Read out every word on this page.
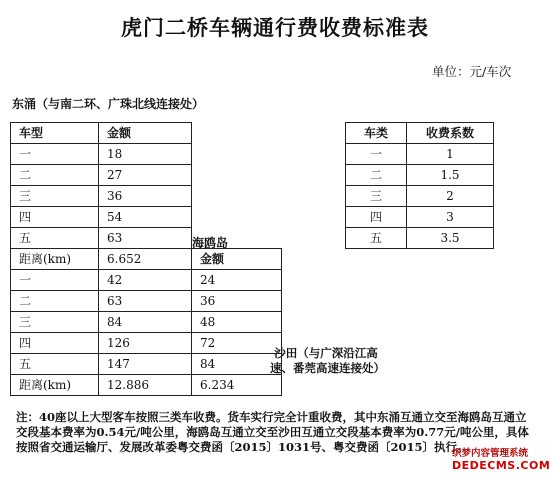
虎门二桥车辆通行费收费标准表
单位：元/车次
东涌（与南二环、广珠北线连接处）
海鸥岛
沙田（与广深沿江高速、番莞高速连接处）
车型	金额	
一	18	
二	27	
三	36	
四	54	
五	63	
距离(km)	6.652	金额
一	42	24
二	63	36
三	84	48
四	126	72
五	147	84
距离(km)	12.886	6.234
车类	收费系数
一	1
二	1.5
三	2
四	3
五	3.5
注：40座以上大型客车按照三类车收费。货车实行完全计重收费，其中东涌互通立交至海鸥岛互通立交段基本费率为0.54元/吨公里，海鸥岛互通立交至沙田互通立交段基本费率为0.77元/吨公里，具体按照省交通运输厅、发展改革委粤交费函〔2015〕1031号、粤交费函〔2015〕执行。
织梦内容管理系统
DEDECMS.COM
